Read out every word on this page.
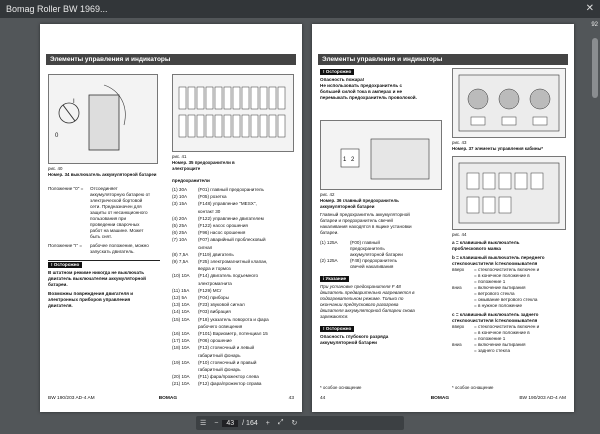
Bomag Roller BW 1969...	✕
92
Элементы управления и индикаторы
0
I
рис. 40
Номер. 34 выключатель аккумуляторной батареи
Положение "0" =	Отсоединяет
аккумуляторную батарею от
электрической бортовой
сети. Предназначен для
защиты от несанкционного
пользования при
проведении сварочных
работ на машине. Может
быть снят.
Положение "I" =	рабочее положение, можно
запускать двигатель.
! Осторожно
В штатном режиме никогда не выключать
двигатель выключателем аккумуляторной
батареи.
Возможны повреждения двигателя и
электронных приборов управления
двигателя.
рис. 41
Номер. 35 предохранители в
электрощите
предохранители
(1) 30A (F01) главный предохранитель
(2) 10A (F05) розетка
(3) 15A (F148) управление "MESX",
контакт 30
(4) 20A (F122) управление двигателем
(5) 25A (F122) насос орошения
(6) 25A (F96) насос орошения
(7) 10A (F07) аварийный проблесковый
сигнал
(8) 7,5A (F119) двигатель
(9) 7,5A (F25) электромагнитный клапан,
ведра и тормоз
(10) 10A (F14) двигатель подъемного
электромагнита
(11) 15A (F129) MCr
(12) 5A (F04) приборы
(13) 10A (F23) звуковой сигнал
(14) 10A (F03) вибрация
(15) 10A (F18) указатель поворота и фара
рабочего освещения
(16) 10A (F101) Вариометр, потенциал 15
(17) 10A (F06) орошение
(18) 10A (F13) стояночный и левый
габаритный фонарь
(19) 10A (F10) стояночный и правый
габаритный фонарь
(20) 10A (F11) фара/прожектор слева
(21) 10A (F12) фара/прожектор справа
BW 190/203 AD-4 AM	BOMAG	43
Элементы управления и индикаторы
! Осторожно
Опасность пожара!
Не использовать предохранитель с
большей силой тока в амперах и не
перемыкать предохранитель проволокой.
1 2
рис. 42
Номер. 36 главный предохранитель
аккумуляторной батареи
Главный предохранитель аккумуляторной
батареи и предохранитель свечей
накаливания находятся в ящике установки
батареи.
(1) 125A	(F00) главный
предохранитель
аккумуляторной батареи
(2) 125A	(F48) предохранитель
свечей накаливания
i Указание
При установке предохранителя F 48
двигатель предварительно нагревается в
подогревательном режиме. Только по
окончании предпускового разогрева
двигателя аккумуляторной батареи снова
заряжаются.
! Осторожно
Опасность глубокого разряда
аккумуляторной батареи
* особое оснащение
рис. 43
Номер. 37 элементы управления кабины*
рис. 44
a = клавишный выключатель
проблескового маяка
b = клавишный выключатель переднего
стеклоочистителя /стеклоомывателя
вверх	= стеклоочиститель включен и
= в конечное положение в
= положение 1
вниз	= включение вытирания
= ветрового стекла
= омывание ветрового стекла
= в нужное положение
c = клавишный выключатель заднего
стеклоочистителя /стеклоомывателя
вверх	= стеклоочиститель включен и
= в конечное положение в
= положение 1
вниз	= включение вытирания
= заднего стекла
* особое оснащение
44	BOMAG	BW 190/203 AD-4 AM
☰	−	43	/ 164	+	⤢	↻
